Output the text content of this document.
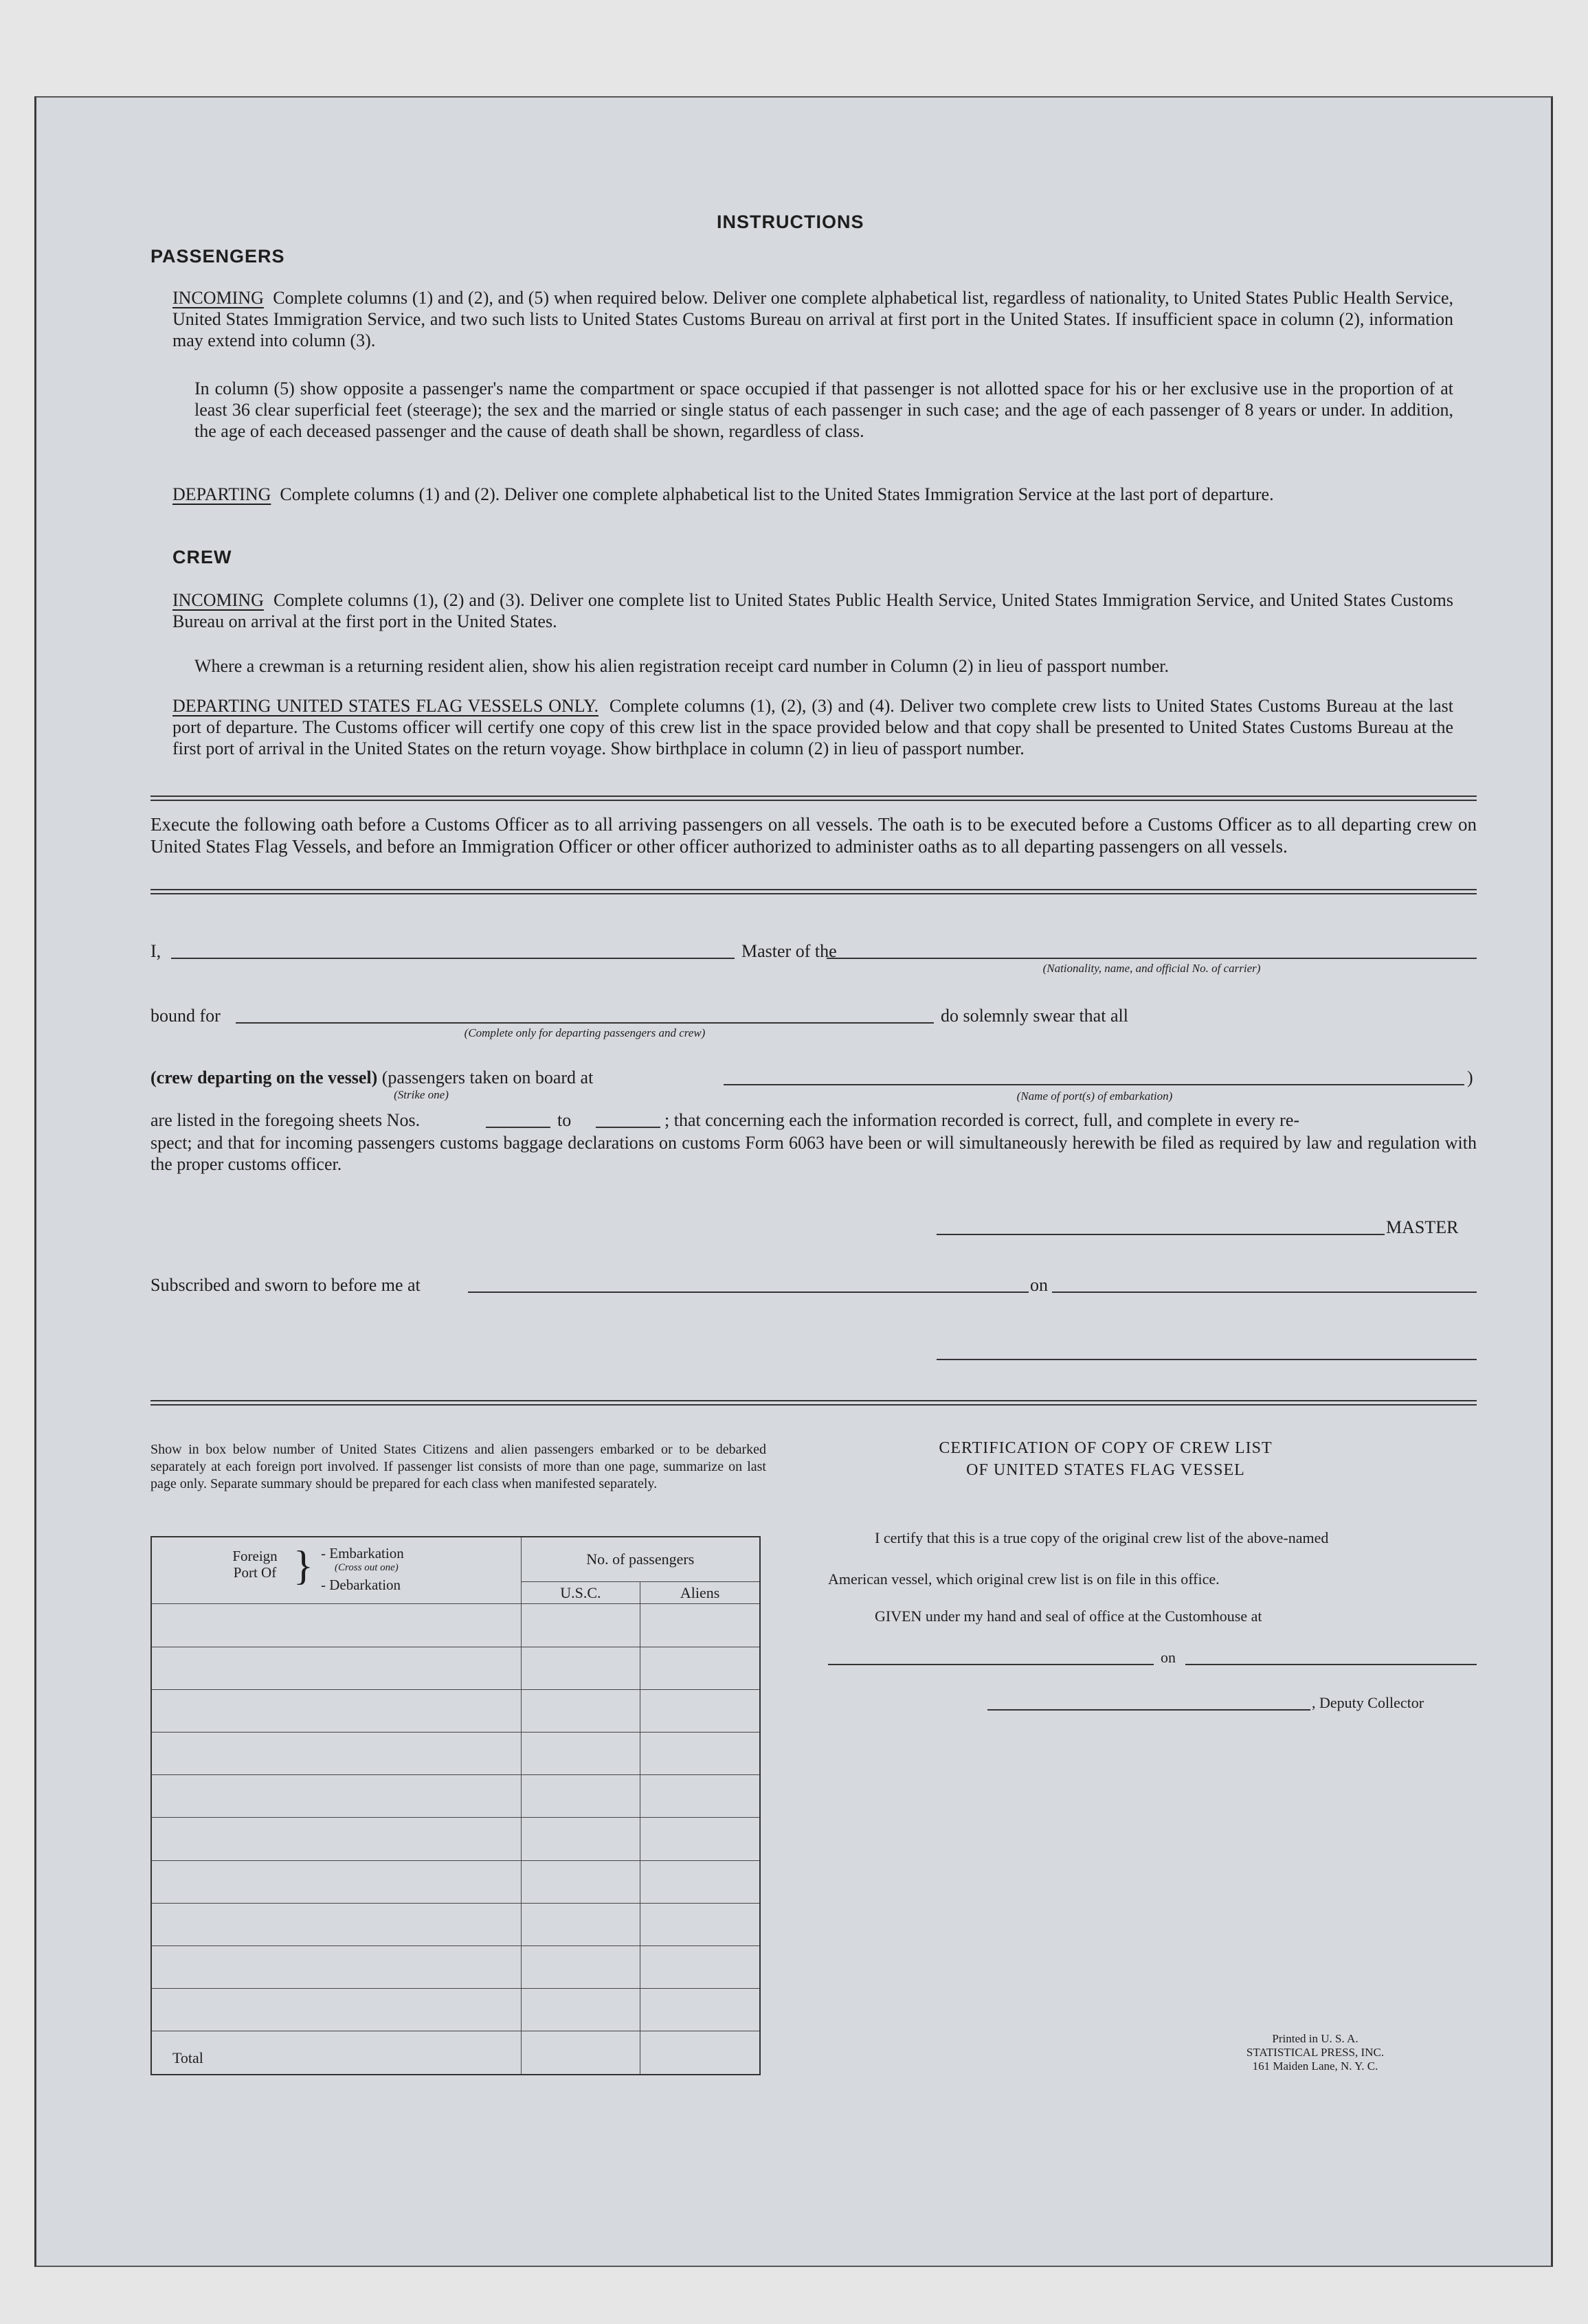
INSTRUCTIONS
PASSENGERS
INCOMING Complete columns (1) and (2), and (5) when required below. Deliver one complete alphabetical list, regardless of nationality, to United States Public Health Service, United States Immigration Service, and two such lists to United States Customs Bureau on arrival at first port in the United States. If insufficient space in column (2), information may extend into column (3).
In column (5) show opposite a passenger's name the compartment or space occupied if that passenger is not allotted space for his or her exclusive use in the proportion of at least 36 clear superficial feet (steerage); the sex and the married or single status of each passenger in such case; and the age of each passenger of 8 years or under. In addition, the age of each deceased passenger and the cause of death shall be shown, regardless of class.
DEPARTING Complete columns (1) and (2). Deliver one complete alphabetical list to the United States Immigration Service at the last port of departure.
CREW
INCOMING Complete columns (1), (2) and (3). Deliver one complete list to United States Public Health Service, United States Immigration Service, and United States Customs Bureau on arrival at the first port in the United States.
Where a crewman is a returning resident alien, show his alien registration receipt card number in Column (2) in lieu of passport number.
DEPARTING UNITED STATES FLAG VESSELS ONLY. Complete columns (1), (2), (3) and (4). Deliver two complete crew lists to United States Customs Bureau at the last port of departure. The Customs officer will certify one copy of this crew list in the space provided below and that copy shall be presented to United States Customs Bureau at the first port of arrival in the United States on the return voyage. Show birthplace in column (2) in lieu of passport number.
Execute the following oath before a Customs Officer as to all arriving passengers on all vessels. The oath is to be executed before a Customs Officer as to all departing crew on United States Flag Vessels, and before an Immigration Officer or other officer authorized to administer oaths as to all departing passengers on all vessels.
I,	Master of the
(Nationality, name, and official No. of carrier)
bound for
(Complete only for departing passengers and crew)
do solemnly swear that all
(crew departing on the vessel) (passengers taken on board at	)
(Strike one)	(Name of port(s) of embarkation)
are listed in the foregoing sheets Nos.	to	; that concerning each the information recorded is correct, full, and complete in every re-
spect; and that for incoming passengers customs baggage declarations on customs Form 6063 have been or will simultaneously herewith be filed as required by law and regulation with the proper customs officer.
MASTER
Subscribed and sworn to before me at	on
Show in box below number of United States Citizens and alien passengers embarked or to be debarked separately at each foreign port involved. If passenger list consists of more than one page, summarize on last page only. Separate summary should be prepared for each class when manifested separately.
Foreign Port Of } - Embarkation
(Cross out one)
- Debarkation	No. of passengers	
	U.S.C.	Aliens

Total		
CERTIFICATION OF COPY OF CREW LIST
OF UNITED STATES FLAG VESSEL
I certify that this is a true copy of the original crew list of the above-named
American vessel, which original crew list is on file in this office.
GIVEN under my hand and seal of office at the Customhouse at
on
, Deputy Collector
Printed in U. S. A.
STATISTICAL PRESS, INC.
161 Maiden Lane, N. Y. C.
